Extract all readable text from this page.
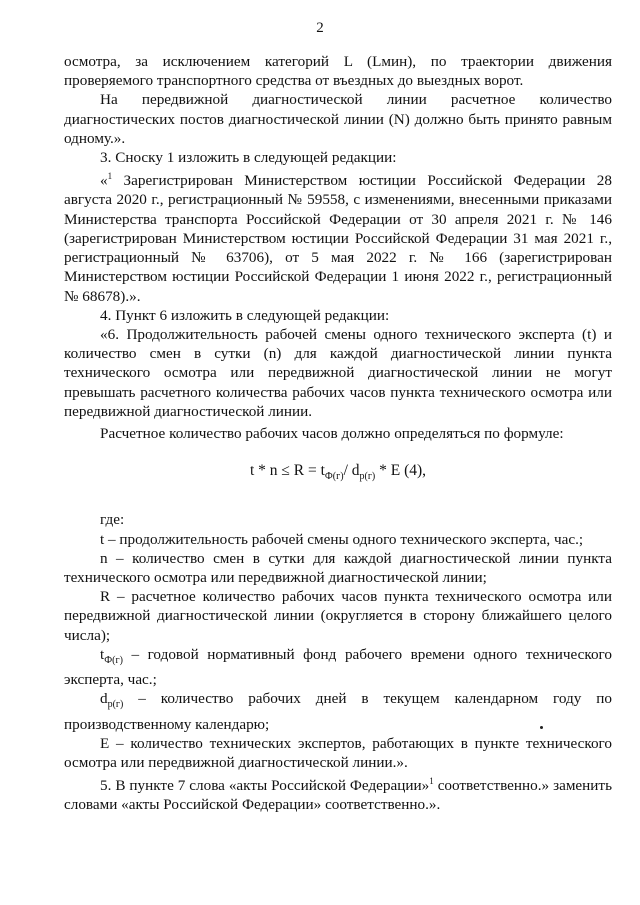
2

осмотра, за исключением категорий L (Lмин), по траектории движения проверяемого транспортного средства от въездных до выездных ворот.

На передвижной диагностической линии расчетное количество диагностических постов диагностической линии (N) должно быть принято равным одному.».

3. Сноску 1 изложить в следующей редакции:

«$^1$ Зарегистрирован Министерством юстиции Российской Федерации 28 августа 2020 г., регистрационный № 59558, с изменениями, внесенными приказами Министерства транспорта Российской Федерации от 30 апреля 2021 г. № 146 (зарегистрирован Министерством юстиции Российской Федерации 31 мая 2021 г., регистрационный № 63706), от 5 мая 2022 г. № 166 (зарегистрирован Министерством юстиции Российской Федерации 1 июня 2022 г., регистрационный № 68678).».

4. Пункт 6 изложить в следующей редакции:

«6. Продолжительность рабочей смены одного технического эксперта (t) и количество смен в сутки (n) для каждой диагностической линии пункта технического осмотра или передвижной диагностической линии не могут превышать расчетного количества рабочих часов пункта технического осмотра или передвижной диагностической линии.

Расчетное количество рабочих часов должно определяться по формуле:

$t * n \le R = t_{Ф(г)}/$ $d_{р(г)}$ * E (4),

где:

t – продолжительность рабочей смены одного технического эксперта, час.;

n – количество смен в сутки для каждой диагностической линии пункта технического осмотра или передвижной диагностической линии;

R – расчетное количество рабочих часов пункта технического осмотра или передвижной диагностической линии (округляется в сторону ближайшего целого числа);

$t_{Ф(г)}$ – годовой нормативный фонд рабочего времени одного технического эксперта, час.;

$d_{р(г)}$ – количество рабочих дней в текущем календарном году по производственному календарю;

E – количество технических экспертов, работающих в пункте технического осмотра или передвижной диагностической линии.».

5. В пункте 7 слова «акты Российской Федерации»$^1$ соответственно.» заменить словами «акты Российской Федерации» соответственно.».
